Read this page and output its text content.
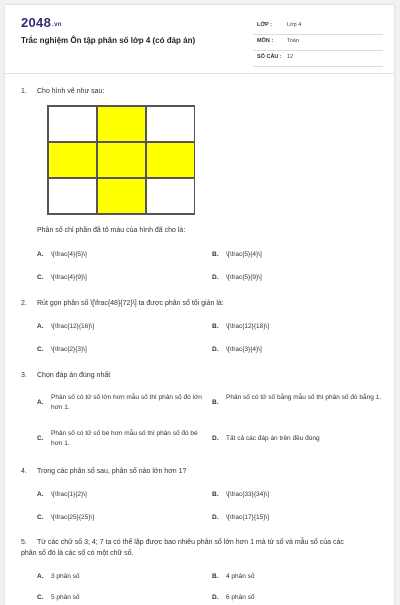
2048.vn
Trắc nghiệm Ôn tập phân số lớp 4 (có đáp án)
LỚP :	Lớp 4
MÔN :	Toán
SỐ CÂU : 12
1. Cho hình vẽ như sau:
Phân số chỉ phần đã tô màu của hình đã cho là:
A. \[\frac{4}{5}\]	B. \[\frac{5}{4}\]
C. \[\frac{4}{9}\]	D. \[\frac{5}{9}\]
2. Rút gọn phân số \[\frac{48}{72}\] ta được phân số tối giản là:
A. \[\frac{12}{16}\]	B. \[\frac{12}{18}\]
C. \[\frac{2}{3}\]	D. \[\frac{3}{4}\]
3. Chọn đáp án đúng nhất
A.
Phân số có tử số lớn hơn mẫu số thì phân số đó lớn hơn 1.
B.
Phân số có tử số bằng mẫu số thì phân số đó bằng 1.
C.
Phân số có tử số bé hơn mẫu số thì phân số đó bé hơn 1.
D. Tất cả các đáp án trên đều đúng
4. Trong các phân số sau, phân số nào lớn hơn 1?
A. \[\frac{1}{2}\]	B. \[\frac{33}{34}\]
C. \[\frac{25}{25}\]	D. \[\frac{17}{15}\]
5. Từ các chữ số 3; 4; 7 ta có thể lập được bao nhiêu phân số lớn hơn 1 mà tử số và mẫu số của các phân số đó là các số có một chữ số.
A. 3 phân số	B. 4 phân số
C. 5 phân số	D. 6 phân số
